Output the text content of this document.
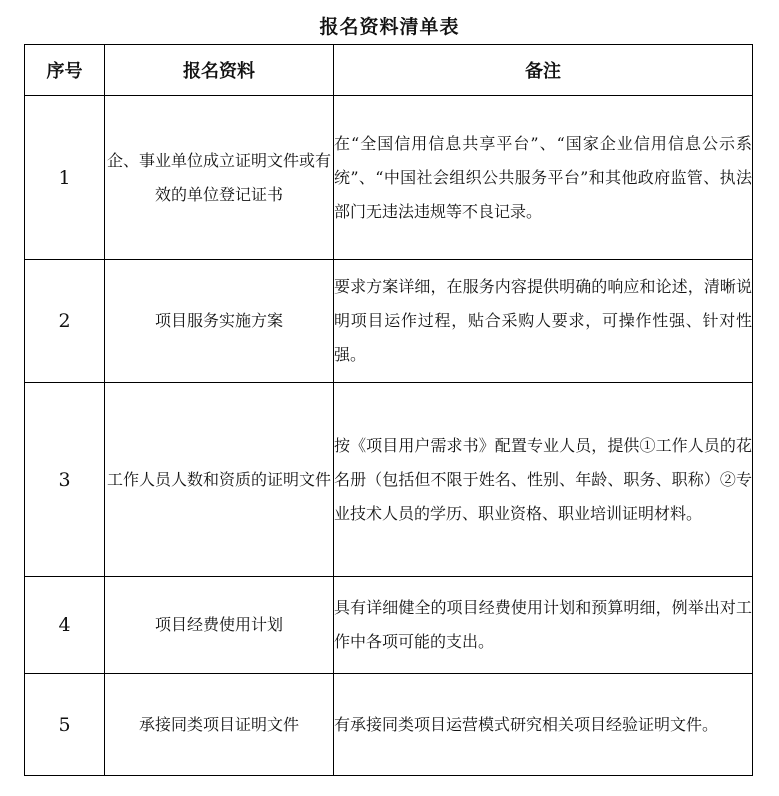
报名资料清单表
序号	报名资料	备注
1	企、事业单位成立证明文件或有效的单位登记证书	在“全国信用信息共享平台”、“国家企业信用信息公示系统”、“中国社会组织公共服务平台”和其他政府监管、执法部门无违法违规等不良记录。
2	项目服务实施方案	要求方案详细，在服务内容提供明确的响应和论述，清晰说明项目运作过程，贴合采购人要求，可操作性强、针对性强。
3	工作人员人数和资质的证明文件	按《项目用户需求书》配置专业人员，提供①工作人员的花名册（包括但不限于姓名、性别、年龄、职务、职称）②专业技术人员的学历、职业资格、职业培训证明材料。
4	项目经费使用计划	具有详细健全的项目经费使用计划和预算明细，例举出对工作中各项可能的支出。
5	承接同类项目证明文件	有承接同类项目运营模式研究相关项目经验证明文件。
